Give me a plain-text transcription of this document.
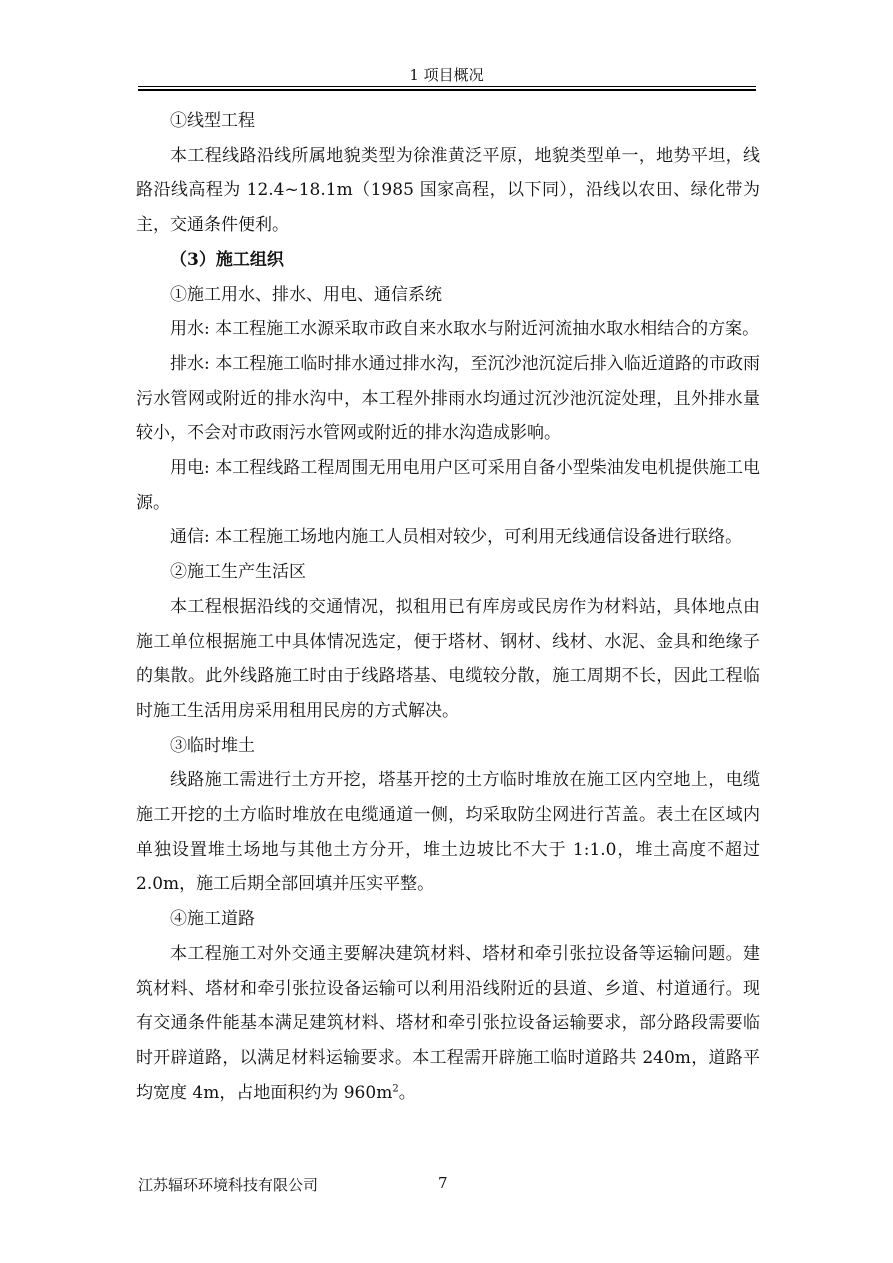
1 项目概况

①线型工程

本工程线路沿线所属地貌类型为徐淮黄泛平原，地貌类型单一，地势平坦，线路沿线高程为 12.4~18.1m（1985 国家高程，以下同），沿线以农田、绿化带为主，交通条件便利。

（3）施工组织

①施工用水、排水、用电、通信系统

用水: 本工程施工水源采取市政自来水取水与附近河流抽水取水相结合的方案。

排水: 本工程施工临时排水通过排水沟，至沉沙池沉淀后排入临近道路的市政雨污水管网或附近的排水沟中，本工程外排雨水均通过沉沙池沉淀处理，且外排水量较小，不会对市政雨污水管网或附近的排水沟造成影响。

用电: 本工程线路工程周围无用电用户区可采用自备小型柴油发电机提供施工电源。

通信: 本工程施工场地内施工人员相对较少，可利用无线通信设备进行联络。

②施工生产生活区

本工程根据沿线的交通情况，拟租用已有库房或民房作为材料站，具体地点由施工单位根据施工中具体情况选定，便于塔材、钢材、线材、水泥、金具和绝缘子的集散。此外线路施工时由于线路塔基、电缆较分散，施工周期不长，因此工程临时施工生活用房采用租用民房的方式解决。

③临时堆土

线路施工需进行土方开挖，塔基开挖的土方临时堆放在施工区内空地上，电缆施工开挖的土方临时堆放在电缆通道一侧，均采取防尘网进行苫盖。表土在区域内单独设置堆土场地与其他土方分开，堆土边坡比不大于 1:1.0，堆土高度不超过 2.0m，施工后期全部回填并压实平整。

④施工道路

本工程施工对外交通主要解决建筑材料、塔材和牵引张拉设备等运输问题。建筑材料、塔材和牵引张拉设备运输可以利用沿线附近的县道、乡道、村道通行。现有交通条件能基本满足建筑材料、塔材和牵引张拉设备运输要求，部分路段需要临时开辟道路，以满足材料运输要求。本工程需开辟施工临时道路共 240m，道路平均宽度 4m，占地面积约为 $960m^2$。

江苏辐环环境科技有限公司	7
